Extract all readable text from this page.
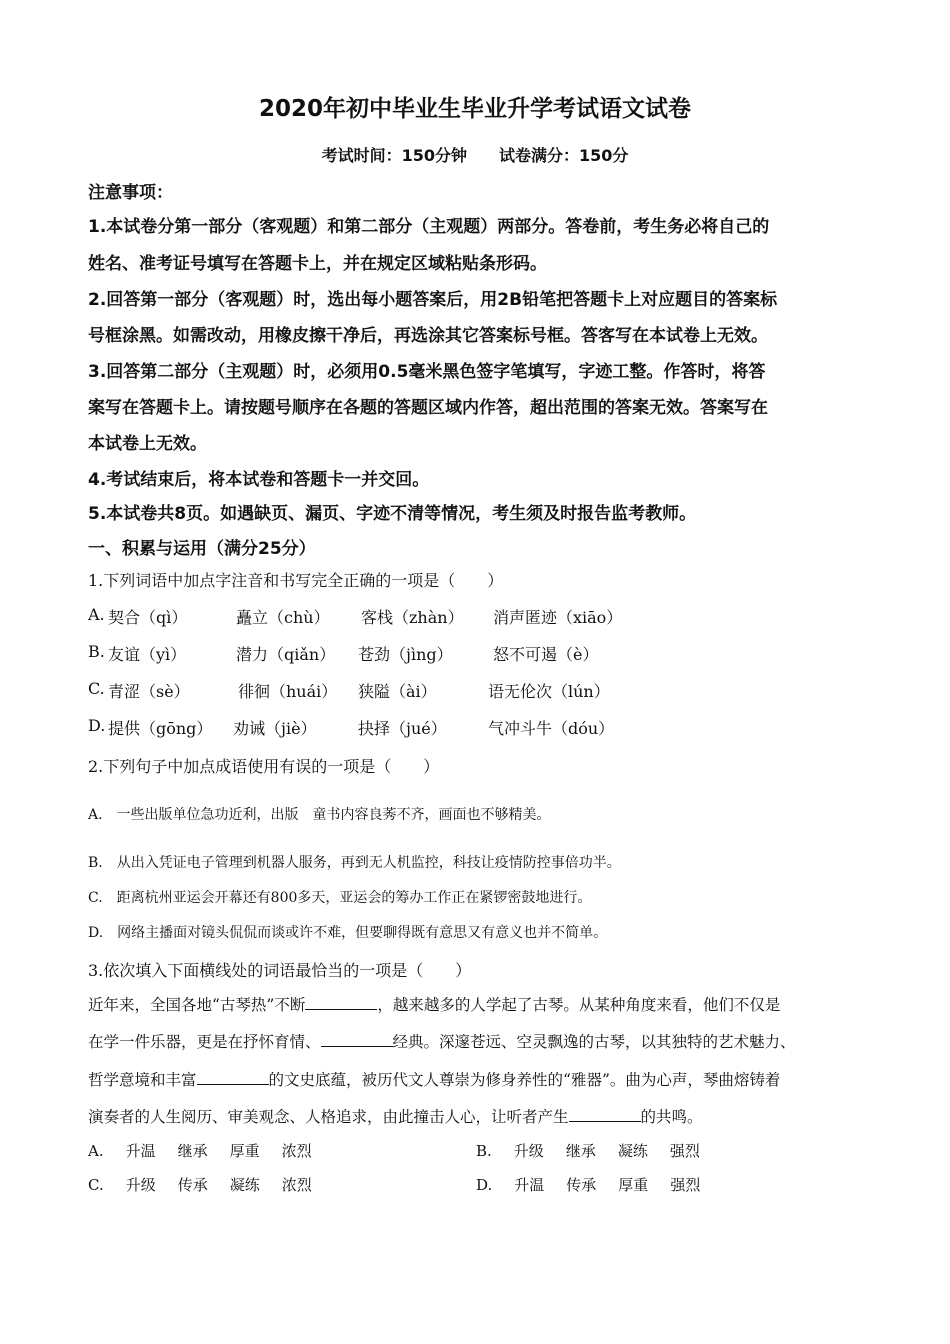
2020年初中毕业生毕业升学考试语文试卷
考试时间：150分钟 试卷满分：150分
注意事项：
1.本试卷分第一部分（客观题）和第二部分（主观题）两部分。答卷前，考生务必将自己的
姓名、准考证号填写在答题卡上，并在规定区域粘贴条形码。
2.回答第一部分（客观题）时，选出每小题答案后，用2B铅笔把答题卡上对应题目的答案标
号框涂黑。如需改动，用橡皮擦干净后，再选涂其它答案标号框。答客写在本试卷上无效。
3.回答第二部分（主观题）时，必须用0.5毫米黑色签字笔填写，字迹工整。作答时，将答
案写在答题卡上。请按题号顺序在各题的答题区域内作答，超出范围的答案无效。答案写在
本试卷上无效。
4.考试结束后，将本试卷和答题卡一并交回。
5.本试卷共8页。如遇缺页、漏页、字迹不清等情况，考生须及时报告监考教师。
一、积累与运用（满分25分）
1.下列词语中加点字注音和书写完全正确的一项是（　　）
A. 契合（qì）	矗立（chù） 客栈（zhàn） 消声匿迹（xiāo）
B. 友谊（yì）	潜力（qiǎn） 苍劲（jìng）	怒不可遏（è）
C. 青涩（sè）	徘徊（huái） 狭隘（ài）	语无伦次（lún）
D. 提供（gōng） 劝诫（jiè）	抉择（jué）	气冲斗牛（dóu）
2.下列句子中加点成语使用有误的一项是（　　）
A.　一些出版单位急功近利，出版　童书内容良莠不齐，画面也不够精美。
B.　从出入凭证电子管理到机器人服务，再到无人机监控，科技让疫情防控事倍功半。
C.　距离杭州亚运会开幕还有800多天，亚运会的筹办工作正在紧锣密鼓地进行。
D.　网络主播面对镜头侃侃而谈或许不难，但要聊得既有意思又有意义也并不简单。
3.依次填入下面横线处的词语最恰当的一项是（　　）
近年来，全国各地“古琴热”不断	，越来越多的人学起了古琴。从某种角度来看，他们不仅是
在学一件乐器，更是在抒怀育情、	经典。深邃苍远、空灵飘逸的古琴，以其独特的艺术魅力、
哲学意境和丰富	的文史底蕴，被历代文人尊崇为修身养性的“雅器”。曲为心声，琴曲熔铸着
演奏者的人生阅历、审美观念、人格追求，由此撞击人心，让听者产生	的共鸣。
A. 升温 继承 厚重 浓烈	B. 升级 继承 凝练 强烈
C. 升级 传承 凝练 浓烈	D. 升温 传承 厚重 强烈
